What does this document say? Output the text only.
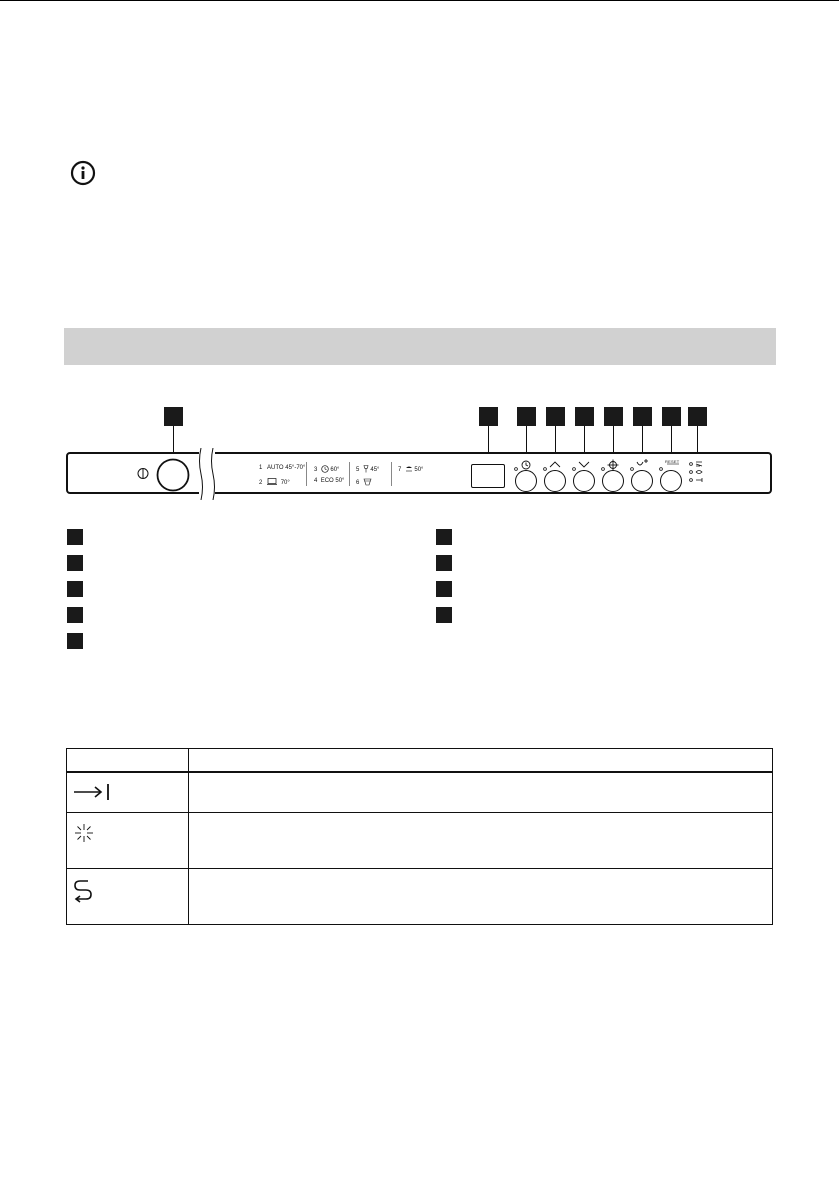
1 AUTO 45°-70°
2	70°
3 60°
4 ECO 50°
5 45°
6
7 50°
RESET
